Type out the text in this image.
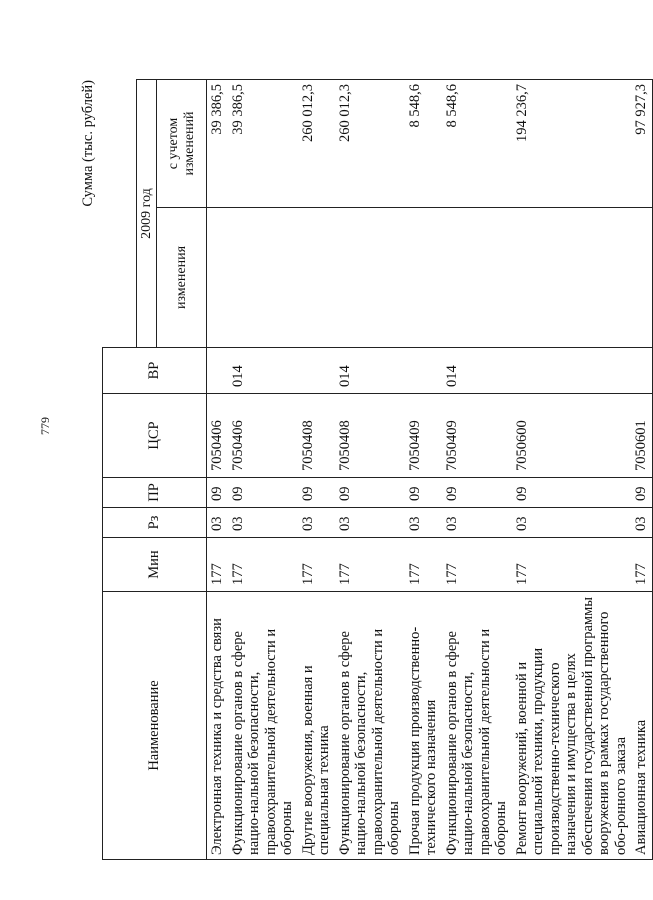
779
Сумма (тыс. рублей)
Наименование	Мин	Рз	ПР	ЦСР	ВР		
						2009 год	
						изменения	с учетом изменений
Электронная техника и средства связи	177	03	09	7050406			39 386,5
Функционирование органов в сфере нацио-нальной безопасности, правоохранительной деятельности и обороны	177	03	09	7050406	014		39 386,5
Другие вооружения, военная и специальная техника	177	03	09	7050408			260 012,3
Функционирование органов в сфере нацио-нальной безопасности, правоохранительной деятельности и обороны	177	03	09	7050408	014		260 012,3
Прочая продукция производственно-технического назначения	177	03	09	7050409			8 548,6
Функционирование органов в сфере нацио-нальной безопасности, правоохранительной деятельности и обороны	177	03	09	7050409	014		8 548,6
Ремонт вооружений, военной и специальной техники, продукции производственно-технического назначения и имущества в целях обеспечения государственной программы вооружения в рамках государственного обо-ронного заказа	177	03	09	7050600			194 236,7
Авиационная техника	177	03	09	7050601			97 927,3
